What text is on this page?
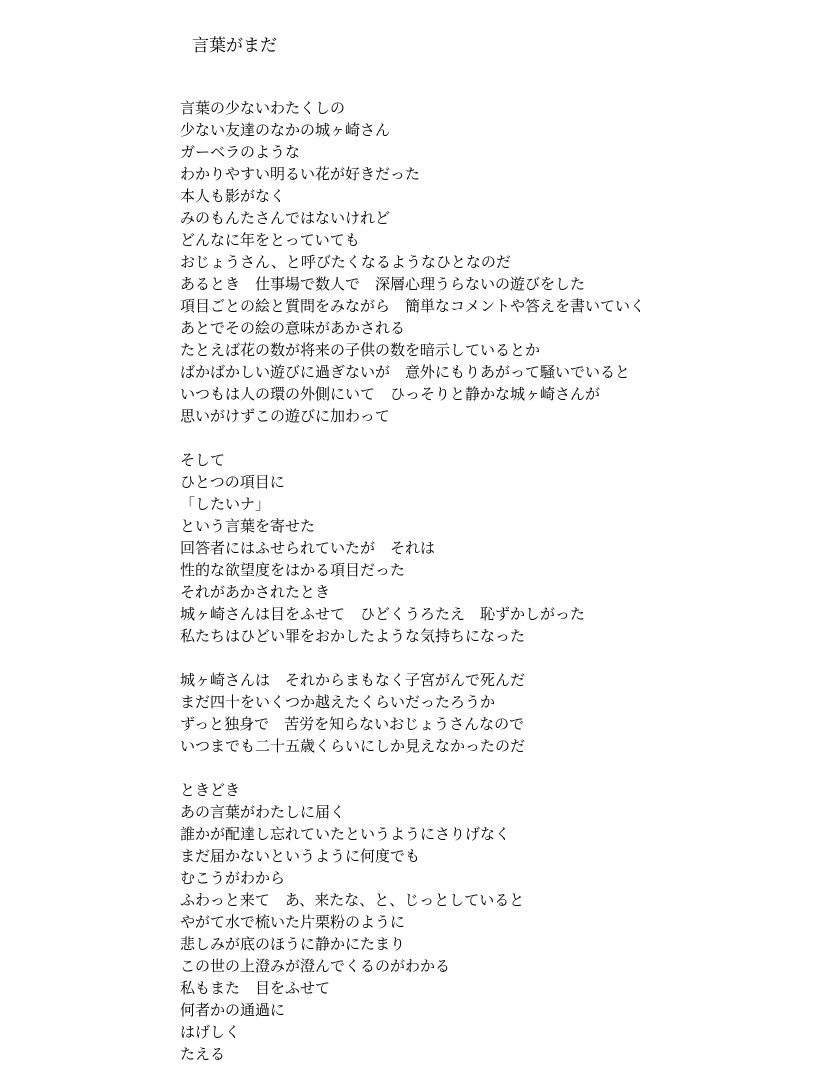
言葉がまだ
言葉の少ないわたくしの
少ない友達のなかの城ヶ崎さん
ガーベラのような
わかりやすい明るい花が好きだった
本人も影がなく
みのもんたさんではないけれど
どんなに年をとっていても
おじょうさん、と呼びたくなるようなひとなのだ
あるとき　仕事場で数人で　深層心理うらないの遊びをした
項目ごとの絵と質問をみながら　簡単なコメントや答えを書いていく
あとでその絵の意味があかされる
たとえば花の数が将来の子供の数を暗示しているとか
ばかばかしい遊びに過ぎないが　意外にもりあがって騒いでいると
いつもは人の環の外側にいて　ひっそりと静かな城ヶ崎さんが
思いがけずこの遊びに加わって
そして
ひとつの項目に
「したいナ」
という言葉を寄せた
回答者にはふせられていたが　それは
性的な欲望度をはかる項目だった
それがあかされたとき
城ヶ崎さんは目をふせて　ひどくうろたえ　恥ずかしがった
私たちはひどい罪をおかしたような気持ちになった
城ヶ崎さんは　それからまもなく子宮がんで死んだ
まだ四十をいくつか越えたくらいだったろうか
ずっと独身で　苦労を知らないおじょうさんなので
いつまでも二十五歳くらいにしか見えなかったのだ
ときどき
あの言葉がわたしに届く
誰かが配達し忘れていたというようにさりげなく
まだ届かないというように何度でも
むこうがわから
ふわっと来て　あ、来たな、と、じっとしていると
やがて水で梳いた片栗粉のように
悲しみが底のほうに静かにたまり
この世の上澄みが澄んでくるのがわかる
私もまた　目をふせて
何者かの通過に
はげしく
たえる
